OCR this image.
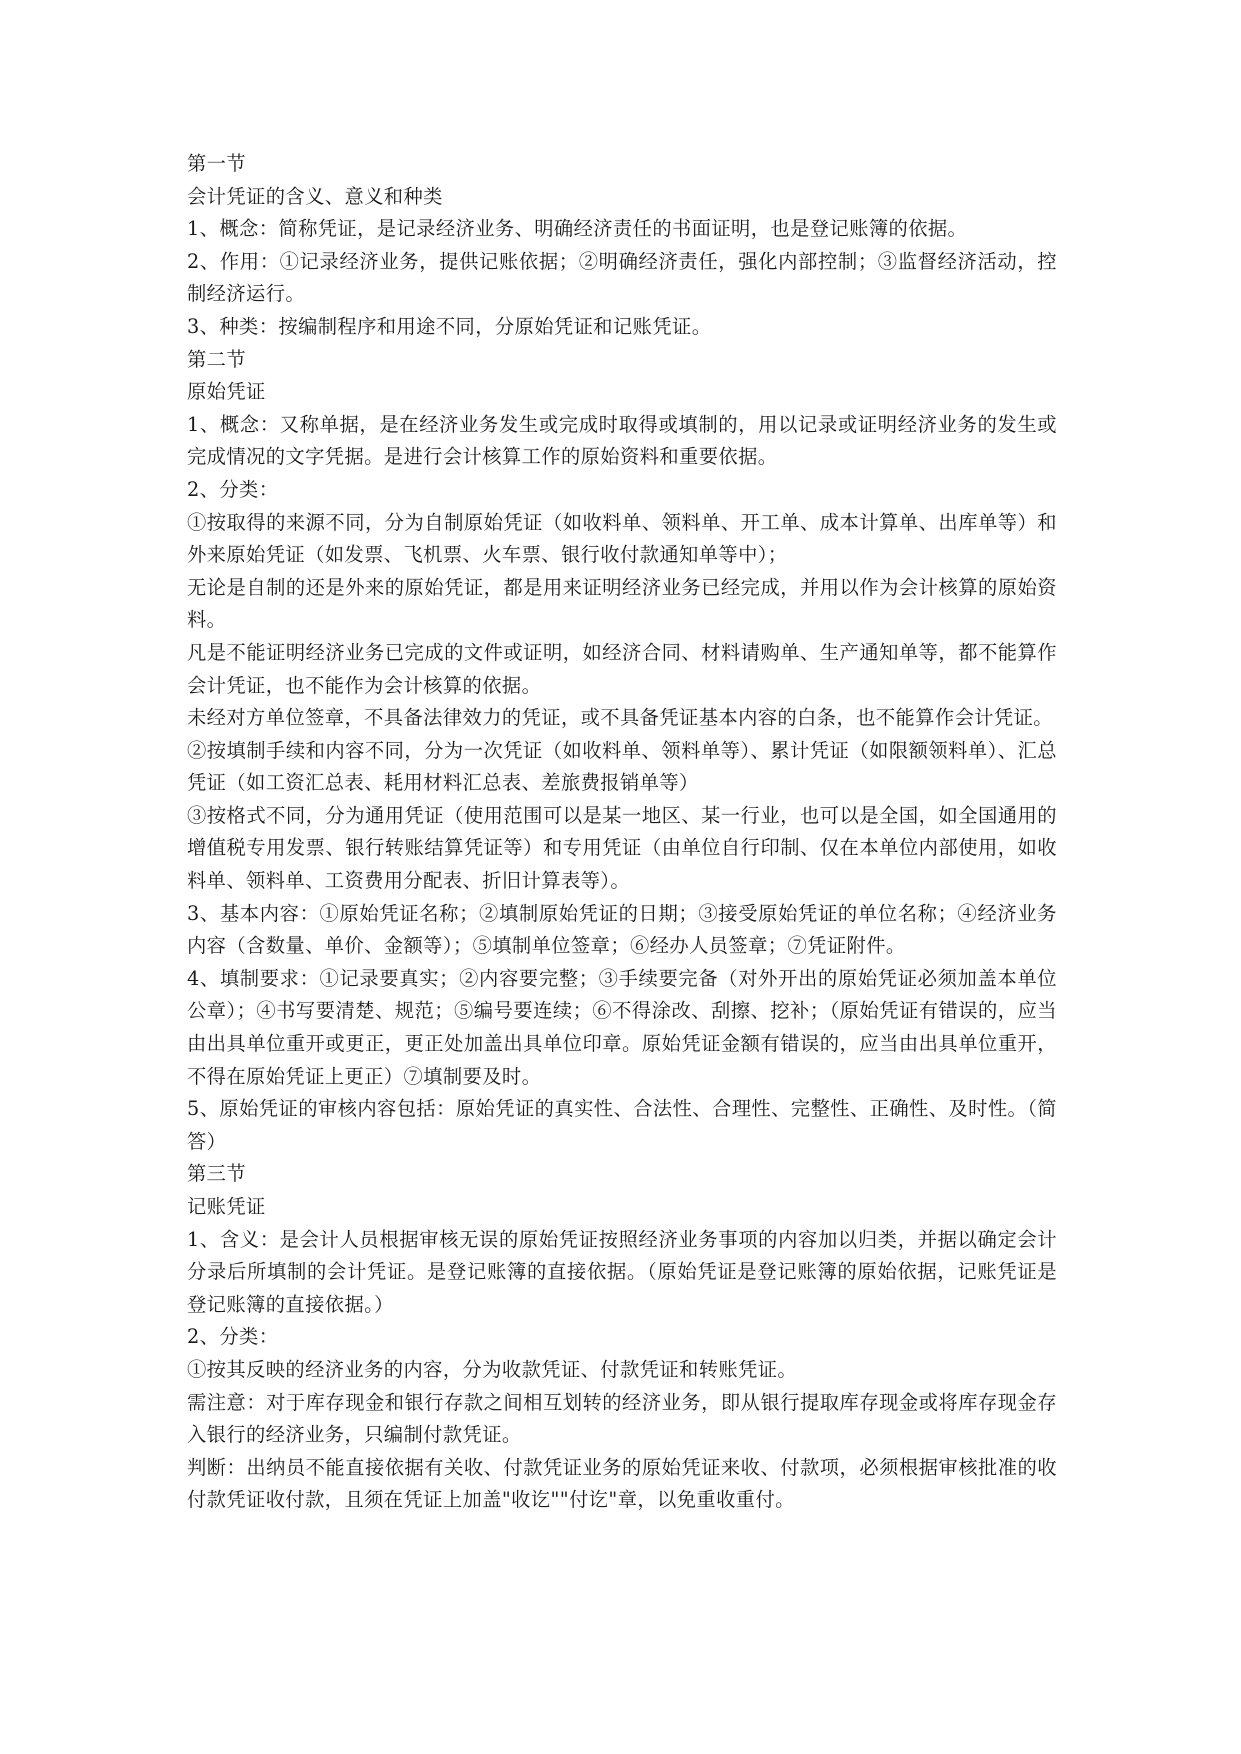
第一节

会计凭证的含义、意义和种类

1、概念：简称凭证，是记录经济业务、明确经济责任的书面证明，也是登记账簿的依据。

2、作用：①记录经济业务，提供记账依据；②明确经济责任，强化内部控制；③监督经济活动，控制经济运行。

3、种类：按编制程序和用途不同，分原始凭证和记账凭证。

第二节

原始凭证

1、概念：又称单据，是在经济业务发生或完成时取得或填制的，用以记录或证明经济业务的发生或完成情况的文字凭据。是进行会计核算工作的原始资料和重要依据。

2、分类：

①按取得的来源不同，分为自制原始凭证（如收料单、领料单、开工单、成本计算单、出库单等）和外来原始凭证（如发票、飞机票、火车票、银行收付款通知单等中）；

无论是自制的还是外来的原始凭证，都是用来证明经济业务已经完成，并用以作为会计核算的原始资料。

凡是不能证明经济业务已完成的文件或证明，如经济合同、材料请购单、生产通知单等，都不能算作会计凭证，也不能作为会计核算的依据。

未经对方单位签章，不具备法律效力的凭证，或不具备凭证基本内容的白条，也不能算作会计凭证。

②按填制手续和内容不同，分为一次凭证（如收料单、领料单等）、累计凭证（如限额领料单）、汇总凭证（如工资汇总表、耗用材料汇总表、差旅费报销单等）

③按格式不同，分为通用凭证（使用范围可以是某一地区、某一行业，也可以是全国，如全国通用的增值税专用发票、银行转账结算凭证等）和专用凭证（由单位自行印制、仅在本单位内部使用，如收料单、领料单、工资费用分配表、折旧计算表等）。

3、基本内容：①原始凭证名称；②填制原始凭证的日期；③接受原始凭证的单位名称；④经济业务内容（含数量、单价、金额等）；⑤填制单位签章；⑥经办人员签章；⑦凭证附件。

4、填制要求：①记录要真实；②内容要完整；③手续要完备（对外开出的原始凭证必须加盖本单位公章）；④书写要清楚、规范；⑤编号要连续；⑥不得涂改、刮擦、挖补；（原始凭证有错误的，应当由出具单位重开或更正，更正处加盖出具单位印章。原始凭证金额有错误的，应当由出具单位重开，不得在原始凭证上更正）⑦填制要及时。

5、原始凭证的审核内容包括：原始凭证的真实性、合法性、合理性、完整性、正确性、及时性。（简答）

第三节

记账凭证

1、含义：是会计人员根据审核无误的原始凭证按照经济业务事项的内容加以归类，并据以确定会计分录后所填制的会计凭证。是登记账簿的直接依据。（原始凭证是登记账簿的原始依据，记账凭证是登记账簿的直接依据。）

2、分类：

①按其反映的经济业务的内容，分为收款凭证、付款凭证和转账凭证。

需注意：对于库存现金和银行存款之间相互划转的经济业务，即从银行提取库存现金或将库存现金存入银行的经济业务，只编制付款凭证。

判断：出纳员不能直接依据有关收、付款凭证业务的原始凭证来收、付款项，必须根据审核批准的收付款凭证收付款，且须在凭证上加盖"收讫""付讫"章，以免重收重付。
